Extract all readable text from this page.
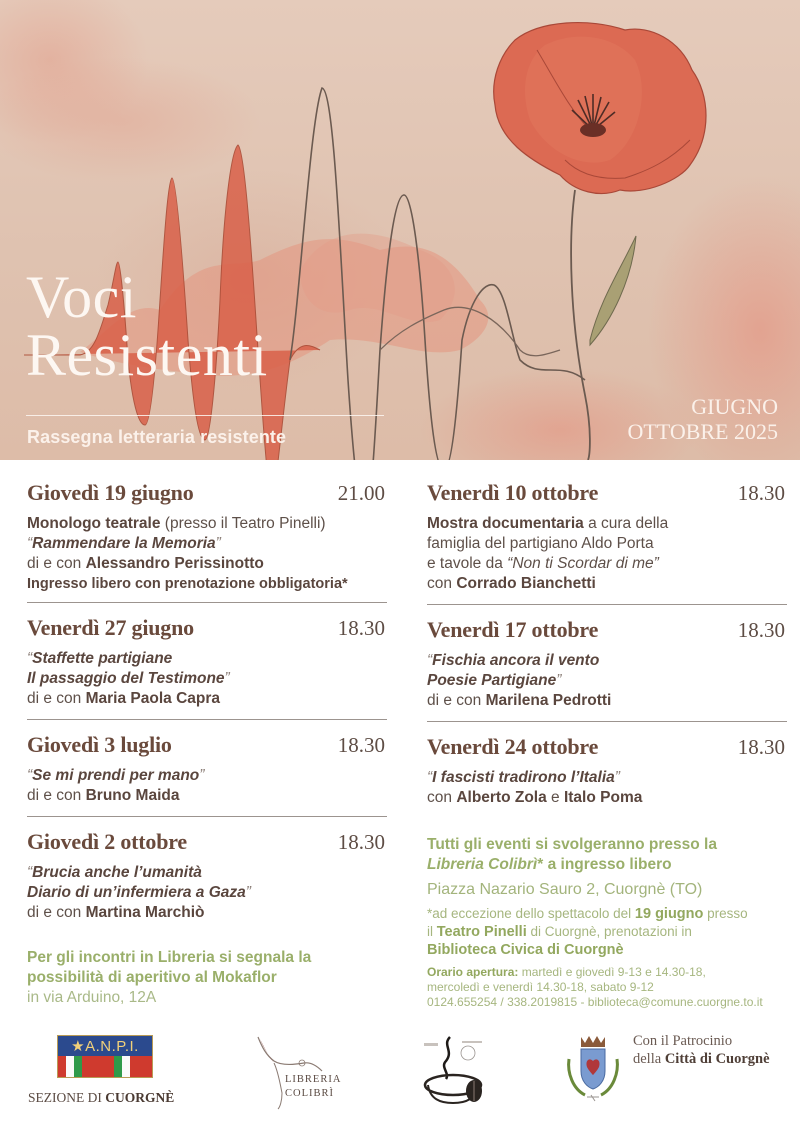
Voci
Resistenti
Rassegna letteraria resistente
GIUGNO
OTTOBRE 2025
Giovedì 19 giugno	21.00
Monologo teatrale (presso il Teatro Pinelli)
“Rammendare la Memoria”
di e con Alessandro Perissinotto
Ingresso libero con prenotazione obbligatoria*
Venerdì 27 giugno	18.30
“Staffette partigiane
Il passaggio del Testimone”
di e con Maria Paola Capra
Giovedì 3 luglio	18.30
“Se mi prendi per mano”
di e con Bruno Maida
Giovedì 2 ottobre	18.30
“Brucia anche l’umanità
Diario di un’infermiera a Gaza”
di e con Martina Marchiò
Per gli incontri in Libreria si segnala la
possibilità di aperitivo al Mokaflor
in via Arduino, 12A
Venerdì 10 ottobre	18.30
Mostra documentaria a cura della
famiglia del partigiano Aldo Porta
e tavole da “Non ti Scordar di me”
con Corrado Bianchetti
Venerdì 17 ottobre	18.30
“Fischia ancora il vento
Poesie Partigiane”
di e con Marilena Pedrotti
Venerdì 24 ottobre	18.30
“I fascisti tradirono l’Italia”
con Alberto Zola e Italo Poma
Tutti gli eventi si svolgeranno presso la
Libreria Colibrì* a ingresso libero
Piazza Nazario Sauro 2, Cuorgnè (TO)
*ad eccezione dello spettacolo del 19 giugno presso
il Teatro Pinelli di Cuorgnè, prenotazioni in
Biblioteca Civica di Cuorgnè
Orario apertura: martedì e giovedì 9-13 e 14.30-18,
mercoledì e venerdì 14.30-18, sabato 9-12
0124.655254 / 338.2019815 - biblioteca@comune.cuorgne.to.it
★A.N.P.I.
SEZIONE DI CUORGNÈ
LIBRERIA
COLIBRÌ
Con il Patrocinio
della Città di Cuorgnè
